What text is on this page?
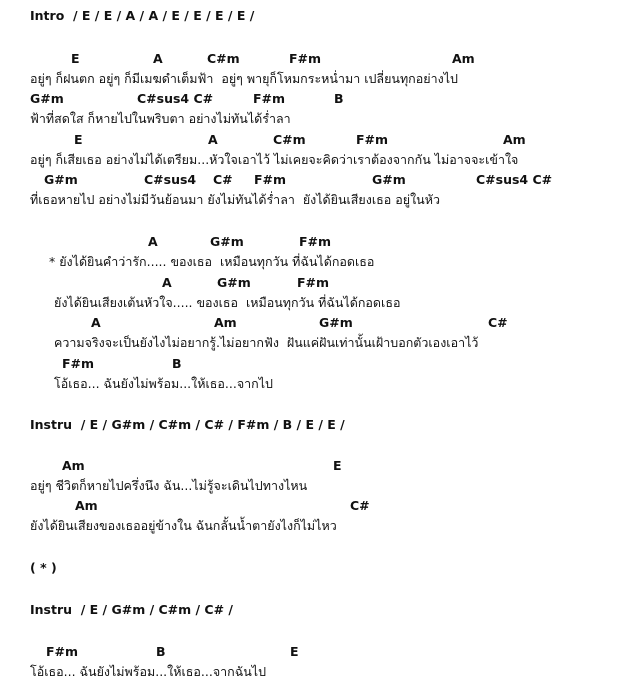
Intro  / E / E / A / A / E / E / E / E /
E	A	C#m	F#m	Am
อยู่ๆ ก็ฝนตก อยู่ๆ ก็มีเมฆดำเต็มฟ้า  อยู่ๆ พายุก็โหมกระหน่ำมา เปลี่ยนทุกอย่างไป
G#m	C#sus4 C#	F#m	B
ฟ้าที่สดใส ก็หายไปในพริบตา อย่างไม่ทันได้ร่ำลา
E	A	C#m	F#m	Am
อยู่ๆ ก็เสียเธอ อย่างไม่ได้เตรียม...หัวใจเอาไว้ ไม่เคยจะคิดว่าเราต้องจากกัน ไม่อาจจะเข้าใจ
G#m	C#sus4 C# F#m	G#m	C#sus4 C#
ที่เธอหายไป อย่างไม่มีวันย้อนมา ยังไม่ทันได้ร่ำลา  ยังได้ยินเสียงเธอ อยู่ในหัว
A	G#m	F#m
* ยังได้ยินคำว่ารัก..... ของเธอ  เหมือนทุกวัน ที่ฉันได้กอดเธอ
A	G#m	F#m
ยังได้ยินเสียงเต้นหัวใจ..... ของเธอ  เหมือนทุกวัน ที่ฉันได้กอดเธอ
A	Am	G#m	C#
ความจริงจะเป็นยังไงไม่อยากรู้.ไม่อยากฟัง  ฝันแค่ฝันเท่านั้นเฝ้าบอกตัวเองเอาไว้
F#m	B
โอ้เธอ... ฉันยังไม่พร้อม...ให้เธอ...จากไป
Instru  / E / G#m / C#m / C# / F#m / B / E / E /
Am	E
อยู่ๆ ชีวิตก็หายไปครึ่งนึง ฉัน...ไม่รู้จะเดินไปทางไหน
Am	C#
ยังได้ยินเสียงของเธออยู่ข้างใน ฉันกลั้นน้ำตายังไงก็ไม่ไหว
( * )
Instru  / E / G#m / C#m / C# /
F#m	B	E
โอ้เธอ... ฉันยังไม่พร้อม...ให้เธอ...จากฉันไป
